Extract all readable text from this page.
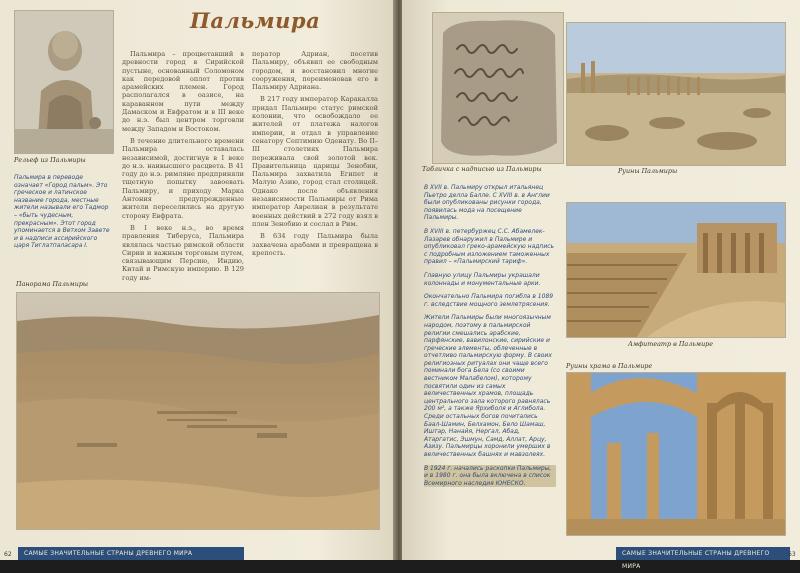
Рельеф из Пальмиры

Пальмира в переводе означает «Город пальм». Это греческое и латинское название города, местные жители называли его Тадмор – «быть чудесным, прекрасным». Этот город упоминается в Ветхом Завете и в надписи ассирийского царя Тиглатпаласара I.

Пальмира

Пальмира – процветавший в древности город в Сирийской пустыне, основанный Соломоном как передовой оплот против арамейских племен. Город располагался в оазисе, на караванном пути между Дамаском и Евфратом и в III веке до н.э. был центром торговли между Западом и Востоком.

В течение длительного времени Пальмира оставалась независимой, достигнув в I веке до н.э. наивысшего расцвета. В 41 году до н.э. римляне предприняли тщетную попытку завоевать Пальмиру, и приходу Марка Антония предупрежденные жители переселились на другую сторону Евфрата.

В I веке н.э., во время правления Тиберуса, Пальмира являлась частью римской области Сирии и важным торговым путем, связывающим Персию, Индию, Китай и Римскую империю. В 129 году им-

ператор Адриан, посетив Пальмиру, объявил ее свободным городом, и восстановил многие сооружения, переименовав его в Пальмиру Адриана.

В 217 году император Каракалла придал Пальмире статус римской колонии, что освобождало ее жителей от платежа налогов империи, и отдал в управление сенатору Септимию Оденату. Во II–III столетиях Пальмира переживала свой золотой век. Правительница царицы Зенобии, Пальмира захватила Египет и Малую Азию, город стал столицей. Однако после объявления независимости Пальмиры от Рима император Аврелиан в результате военных действий в 272 году взял в плен Зенобию и сослал в Рим.

В 634 году Пальмира была захвачена арабами и превращена в крепость.

Панорама Пальмиры
САМЫЕ ЗНАЧИТЕЛЬНЫЕ СТРАНЫ ДРЕВНЕГО МИРА
62
Табличка с надписью из Пальмиры	Руины Пальмиры

В XVII в. Пальмиру открыл итальянец Пьетро делла Балле. С XVIII в. в Англии были опубликованы рисунки города, появилась мода на посещение Пальмиры.

В XVIII в. петербуржец С.С. Абамелек-Лазарев обнаружил в Пальмире и опубликовал греко-арамейскую надпись с подробным изложением таможенных правил – «Пальмирский тариф».

Главную улицу Пальмиры украшали колоннады и монументальные арки.

Окончательно Пальмира погибла в 1089 г. вследствие мощного землетрясения.

Жители Пальмиры были многоязычным народом, поэтому в пальмирской религии смешались арабские, парфянские, вавилонские, сирийские и греческие элементы, облеченные в отчетливо пальмирскую форму. В своих религиозных ритуалах они чаще всего поминали бога Бела (со своими вестником Малабелом), которому посвятили один из самых величественных храмов, площадь центрального зала которого равнялась 200 м², а также Ярхиболя и Аглибола. Среди остальных богов почитались Баал-Шамин, Белхамон, Бело Шамаш, Иштар, Нанайя, Нергал, Абад, Атаргатис, Эшмун, Самд, Аллат, Арцу, Азизу. Пальмирцы хоронили умерших в величественных башнях и мавзолеях.

В 1924 г. начались раскопки Пальмиры, и в 1980 г. она была включена в список Всемирного наследия ЮНЕСКО.

Амфитеатр в Пальмире
Руины храма в Пальмире
САМЫЕ ЗНАЧИТЕЛЬНЫЕ СТРАНЫ ДРЕВНЕГО МИРА
63
